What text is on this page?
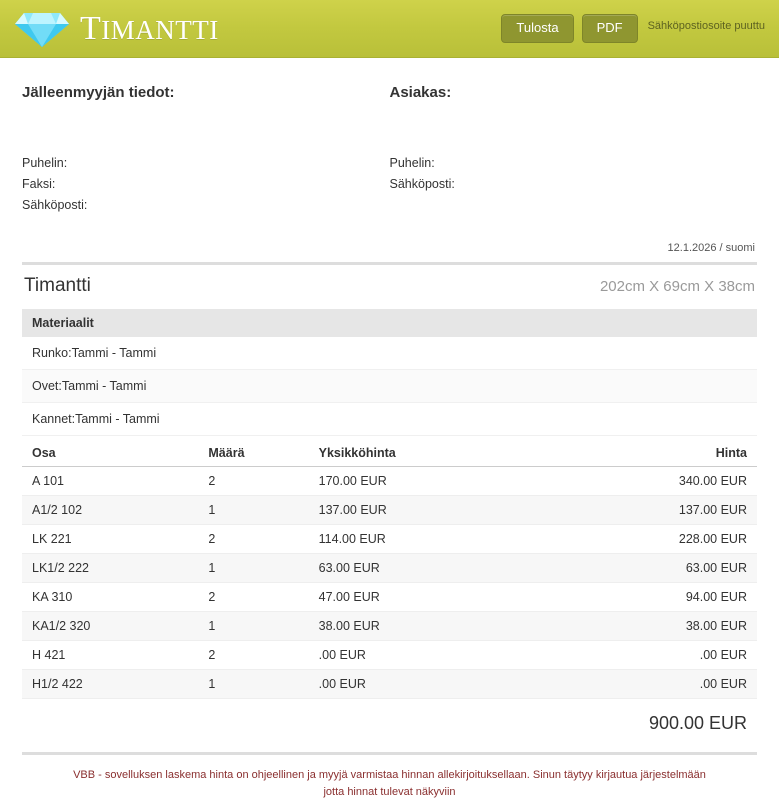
TIMANTTI	Tulosta	PDF	Sähköpostiosoite puuttu
Jälleenmyyjän tiedot:
Puhelin:
Faksi:
Sähköposti:
Asiakas:
Puhelin:
Sähköposti:
12.1.2026 / suomi
Timantti	202cm X 69cm X 38cm
Materiaalit
Runko:Tammi - Tammi
Ovet:Tammi - Tammi
Kannet:Tammi - Tammi
Osa	Määrä	Yksikköhinta	Hinta
A 101	2	170.00 EUR	340.00 EUR
A1/2 102	1	137.00 EUR	137.00 EUR
LK 221	2	114.00 EUR	228.00 EUR
LK1/2 222	1	63.00 EUR	63.00 EUR
KA 310	2	47.00 EUR	94.00 EUR
KA1/2 320	1	38.00 EUR	38.00 EUR
H 421	2	.00 EUR	.00 EUR
H1/2 422	1	.00 EUR	.00 EUR
900.00 EUR
VBB - sovelluksen laskema hinta on ohjeellinen ja myyjä varmistaa hinnan allekirjoituksellaan. Sinun täytyy kirjautua järjestelmään jotta hinnat tulevat näkyviin
